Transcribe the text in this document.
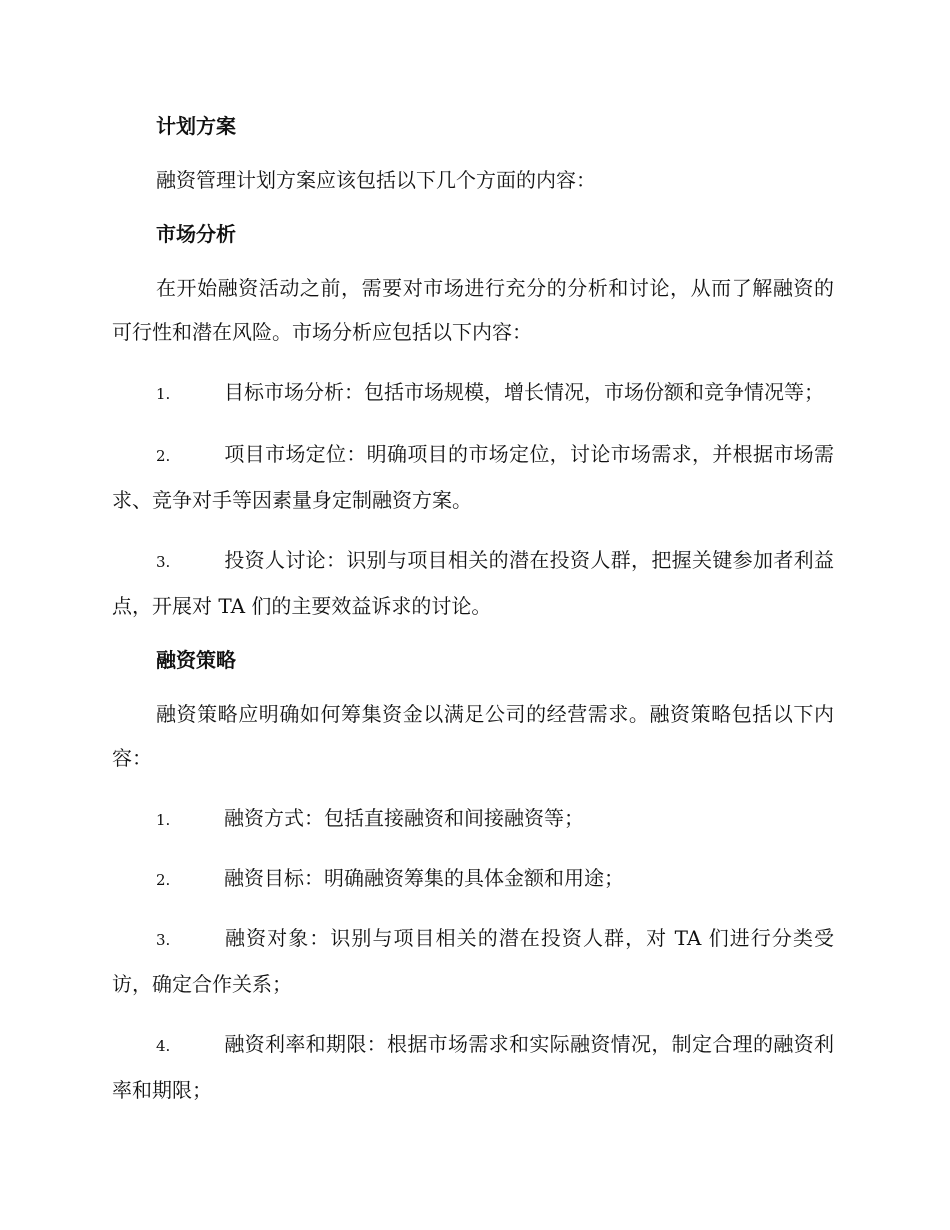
计划方案

融资管理计划方案应该包括以下几个方面的内容：

市场分析

在开始融资活动之前，需要对市场进行充分的分析和讨论，从而了解融资的可行性和潜在风险。市场分析应包括以下内容：

1.	目标市场分析：包括市场规模，增长情况，市场份额和竞争情况等；

2.	项目市场定位：明确项目的市场定位，讨论市场需求，并根据市场需求、竞争对手等因素量身定制融资方案。

3.	投资人讨论：识别与项目相关的潜在投资人群，把握关键参加者利益点，开展对 TA 们的主要效益诉求的讨论。

融资策略

融资策略应明确如何筹集资金以满足公司的经营需求。融资策略包括以下内容：

1.	融资方式：包括直接融资和间接融资等；

2.	融资目标：明确融资筹集的具体金额和用途；

3.	融资对象：识别与项目相关的潜在投资人群，对 TA 们进行分类受访，确定合作关系；

4.	融资利率和期限：根据市场需求和实际融资情况，制定合理的融资利率和期限；
